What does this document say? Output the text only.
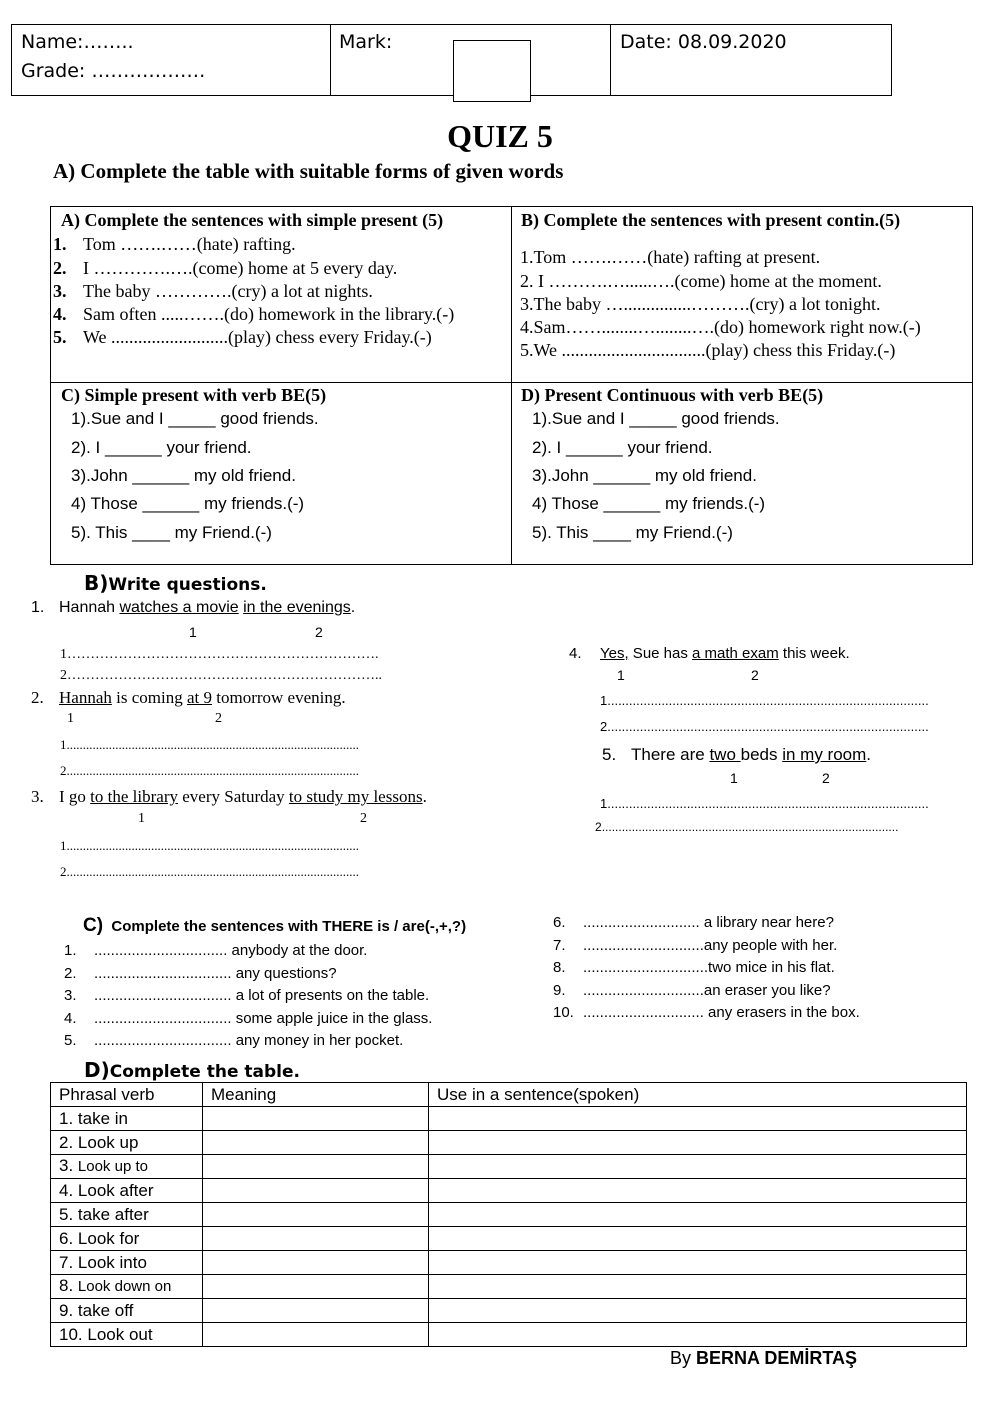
Name:……..
Grade: ………………
Mark:	Date: 08.09.2020
QUIZ 5
A) Complete the table with suitable forms of given words
A) Complete the sentences with simple present (5)
1. Tom …….……(hate) rafting.
2. I ………….….(come) home at 5 every day.
3. The baby ………….(cry) a lot at nights.
4. Sam often .....…….(do) homework in the library.(-)
5. We ..........................(play) chess every Friday.(-)
B) Complete the sentences with present contin.(5)
1.Tom …….……(hate) rafting at present.
2. I ……….…......….(come) home at the moment.
3.The baby …...............……….(cry) a lot tonight.
4.Sam……........…........….(do) homework right now.(-)
5.We ................................(play) chess this Friday.(-)
C) Simple present with verb BE(5)
1).Sue and I _____ good friends.
2). I ______ your friend.
3).John ______ my old friend.
4) Those ______ my friends.(-)
5). This ____ my Friend.(-)
D) Present Continuous with verb BE(5)
1).Sue and I _____ good friends.
2). I ______ your friend.
3).John ______ my old friend.
4) Those ______ my friends.(-)
5). This ____ my Friend.(-)
B)Write questions.
1. Hannah watches a movie in the evenings.
1	2
1………………………………………………………….
2…………………………………………………………..
2. Hannah is coming at 9 tomorrow evening.
1	2
1..........................................................................................
2..........................................................................................
3. I go to the library every Saturday to study my lessons.
1	2
1..........................................................................................
2..........................................................................................
4. Yes, Sue has a math exam this week.
1	2
1.........................................................................................
2.........................................................................................
5. There are two beds in my room.
1	2
1.........................................................................................
2.........................................................................................
C) Complete the sentences with THERE is / are(-,+,?)
1. ................................ anybody at the door.
2. ................................. any questions?
3. ................................. a lot of presents on the table.
4. ................................. some apple juice in the glass.
5. ................................. any money in her pocket.
6. ............................ a library near here?
7. .............................any people with her.
8. ..............................two mice in his flat.
9. .............................an eraser you like?
10. ............................. any erasers in the box.
D)Complete the table.
Phrasal verb	Meaning	Use in a sentence(spoken)
1. take in		
2. Look up		
3. Look up to		
4. Look after		
5. take after		
6. Look for		
7. Look into		
8. Look down on		
9. take off		
10. Look out		
By BERNA DEMİRTAŞ
